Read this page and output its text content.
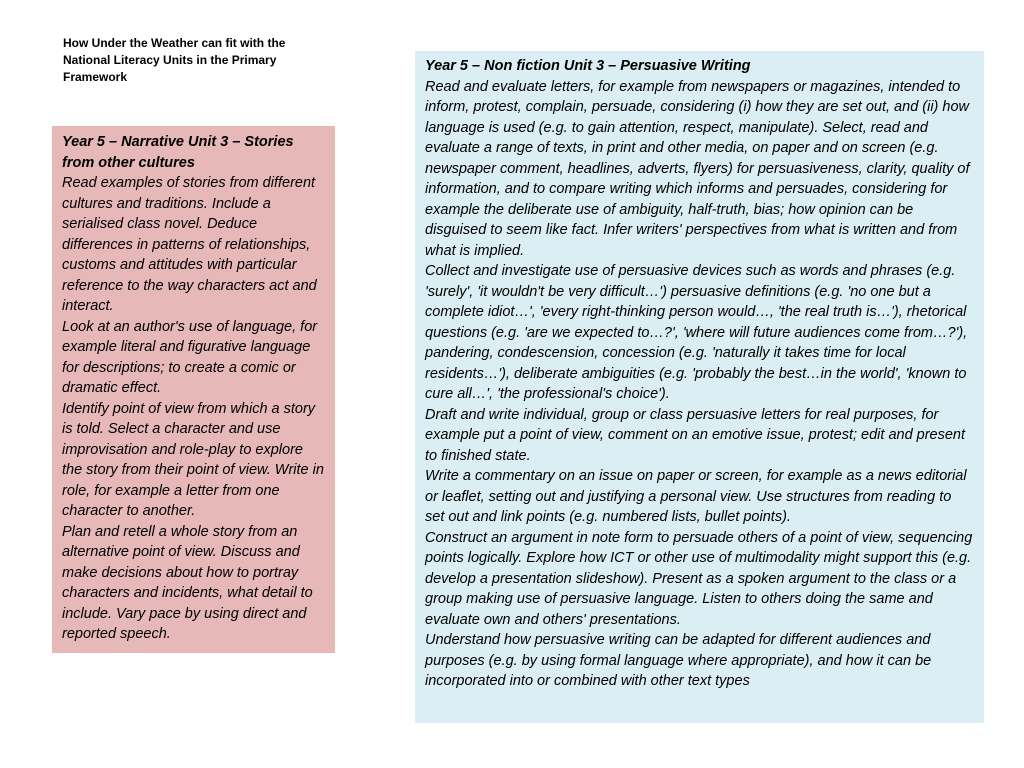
How Under the Weather can fit with the National Literacy Units in the Primary Framework

Year 5 – Narrative Unit 3 – Stories from other cultures

Read examples of stories from different cultures and traditions. Include a serialised class novel. Deduce differences in patterns of relationships, customs and attitudes with particular reference to the way characters act and interact.

Look at an author's use of language, for example literal and figurative language for descriptions; to create a comic or dramatic effect.

Identify point of view from which a story is told. Select a character and use improvisation and role-play to explore the story from their point of view. Write in role, for example a letter from one character to another.

Plan and retell a whole story from an alternative point of view. Discuss and make decisions about how to portray characters and incidents, what detail to include. Vary pace by using direct and reported speech.

Year 5 – Non fiction Unit 3 – Persuasive Writing

Read and evaluate letters, for example from newspapers or magazines, intended to inform, protest, complain, persuade, considering (i) how they are set out, and (ii) how language is used (e.g. to gain attention, respect, manipulate). Select, read and evaluate a range of texts, in print and other media, on paper and on screen (e.g. newspaper comment, headlines, adverts, flyers) for persuasiveness, clarity, quality of information, and to compare writing which informs and persuades, considering for example the deliberate use of ambiguity, half-truth, bias; how opinion can be disguised to seem like fact. Infer writers' perspectives from what is written and from what is implied.

Collect and investigate use of persuasive devices such as words and phrases (e.g. 'surely', 'it wouldn't be very difficult…') persuasive definitions (e.g. 'no one but a complete idiot…', 'every right-thinking person would…, 'the real truth is…'), rhetorical questions (e.g. 'are we expected to…?', 'where will future audiences come from…?'), pandering, condescension, concession (e.g. 'naturally it takes time for local residents…'), deliberate ambiguities (e.g. 'probably the best…in the world', 'known to cure all…', 'the professional's choice').

Draft and write individual, group or class persuasive letters for real purposes, for example put a point of view, comment on an emotive issue, protest; edit and present to finished state.

Write a commentary on an issue on paper or screen, for example as a news editorial or leaflet, setting out and justifying a personal view. Use structures from reading to set out and link points (e.g. numbered lists, bullet points).

Construct an argument in note form to persuade others of a point of view, sequencing points logically. Explore how ICT or other use of multimodality might support this (e.g. develop a presentation slideshow). Present as a spoken argument to the class or a group making use of persuasive language. Listen to others doing the same and evaluate own and others' presentations.

Understand how persuasive writing can be adapted for different audiences and purposes (e.g. by using formal language where appropriate), and how it can be incorporated into or combined with other text types
